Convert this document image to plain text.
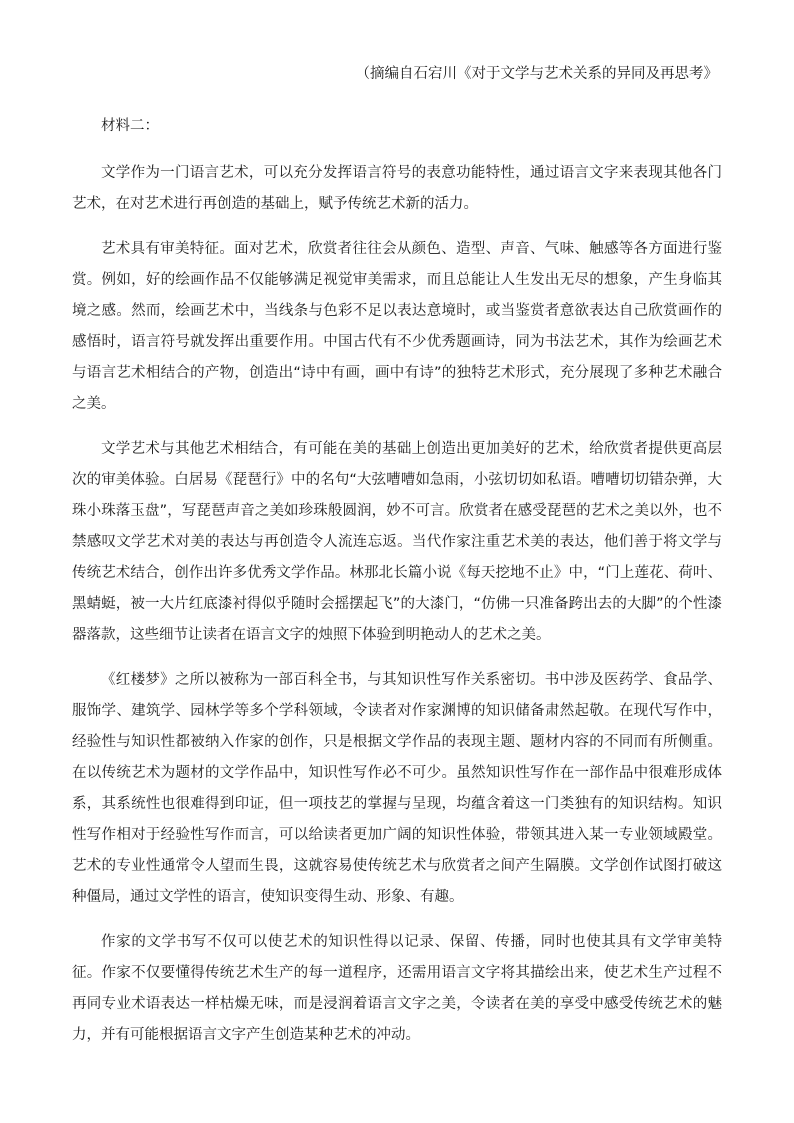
（摘编自石宕川《对于文学与艺术关系的异同及再思考》

材料二：

文学作为一门语言艺术，可以充分发挥语言符号的表意功能特性，通过语言文字来表现其他各门艺术，在对艺术进行再创造的基础上，赋予传统艺术新的活力。

艺术具有审美特征。面对艺术，欣赏者往往会从颜色、造型、声音、气味、触感等各方面进行鉴赏。例如，好的绘画作品不仅能够满足视觉审美需求，而且总能让人生发出无尽的想象，产生身临其境之感。然而，绘画艺术中，当线条与色彩不足以表达意境时，或当鉴赏者意欲表达自己欣赏画作的感悟时，语言符号就发挥出重要作用。中国古代有不少优秀题画诗，同为书法艺术，其作为绘画艺术与语言艺术相结合的产物，创造出“诗中有画，画中有诗”的独特艺术形式，充分展现了多种艺术融合之美。

文学艺术与其他艺术相结合，有可能在美的基础上创造出更加美好的艺术，给欣赏者提供更高层次的审美体验。白居易《琵琶行》中的名句“大弦嘈嘈如急雨，小弦切切如私语。嘈嘈切切错杂弹，大珠小珠落玉盘”，写琵琶声音之美如珍珠般圆润，妙不可言。欣赏者在感受琵琶的艺术之美以外，也不禁感叹文学艺术对美的表达与再创造令人流连忘返。当代作家注重艺术美的表达，他们善于将文学与传统艺术结合，创作出许多优秀文学作品。林那北长篇小说《每天挖地不止》中，“门上莲花、荷叶、黑蜻蜓，被一大片红底漆衬得似乎随时会摇摆起飞”的大漆门，“仿佛一只准备跨出去的大脚”的个性漆器落款，这些细节让读者在语言文字的烛照下体验到明艳动人的艺术之美。

《红楼梦》之所以被称为一部百科全书，与其知识性写作关系密切。书中涉及医药学、食品学、服饰学、建筑学、园林学等多个学科领域，令读者对作家渊博的知识储备肃然起敬。在现代写作中，经验性与知识性都被纳入作家的创作，只是根据文学作品的表现主题、题材内容的不同而有所侧重。在以传统艺术为题材的文学作品中，知识性写作必不可少。虽然知识性写作在一部作品中很难形成体系，其系统性也很难得到印证，但一项技艺的掌握与呈现，均蕴含着这一门类独有的知识结构。知识性写作相对于经验性写作而言，可以给读者更加广阔的知识性体验，带领其进入某一专业领域殿堂。艺术的专业性通常令人望而生畏，这就容易使传统艺术与欣赏者之间产生隔膜。文学创作试图打破这种僵局，通过文学性的语言，使知识变得生动、形象、有趣。

作家的文学书写不仅可以使艺术的知识性得以记录、保留、传播，同时也使其具有文学审美特征。作家不仅要懂得传统艺术生产的每一道程序，还需用语言文字将其描绘出来，使艺术生产过程不再同专业术语表达一样枯燥无味，而是浸润着语言文字之美，令读者在美的享受中感受传统艺术的魅力，并有可能根据语言文字产生创造某种艺术的冲动。
